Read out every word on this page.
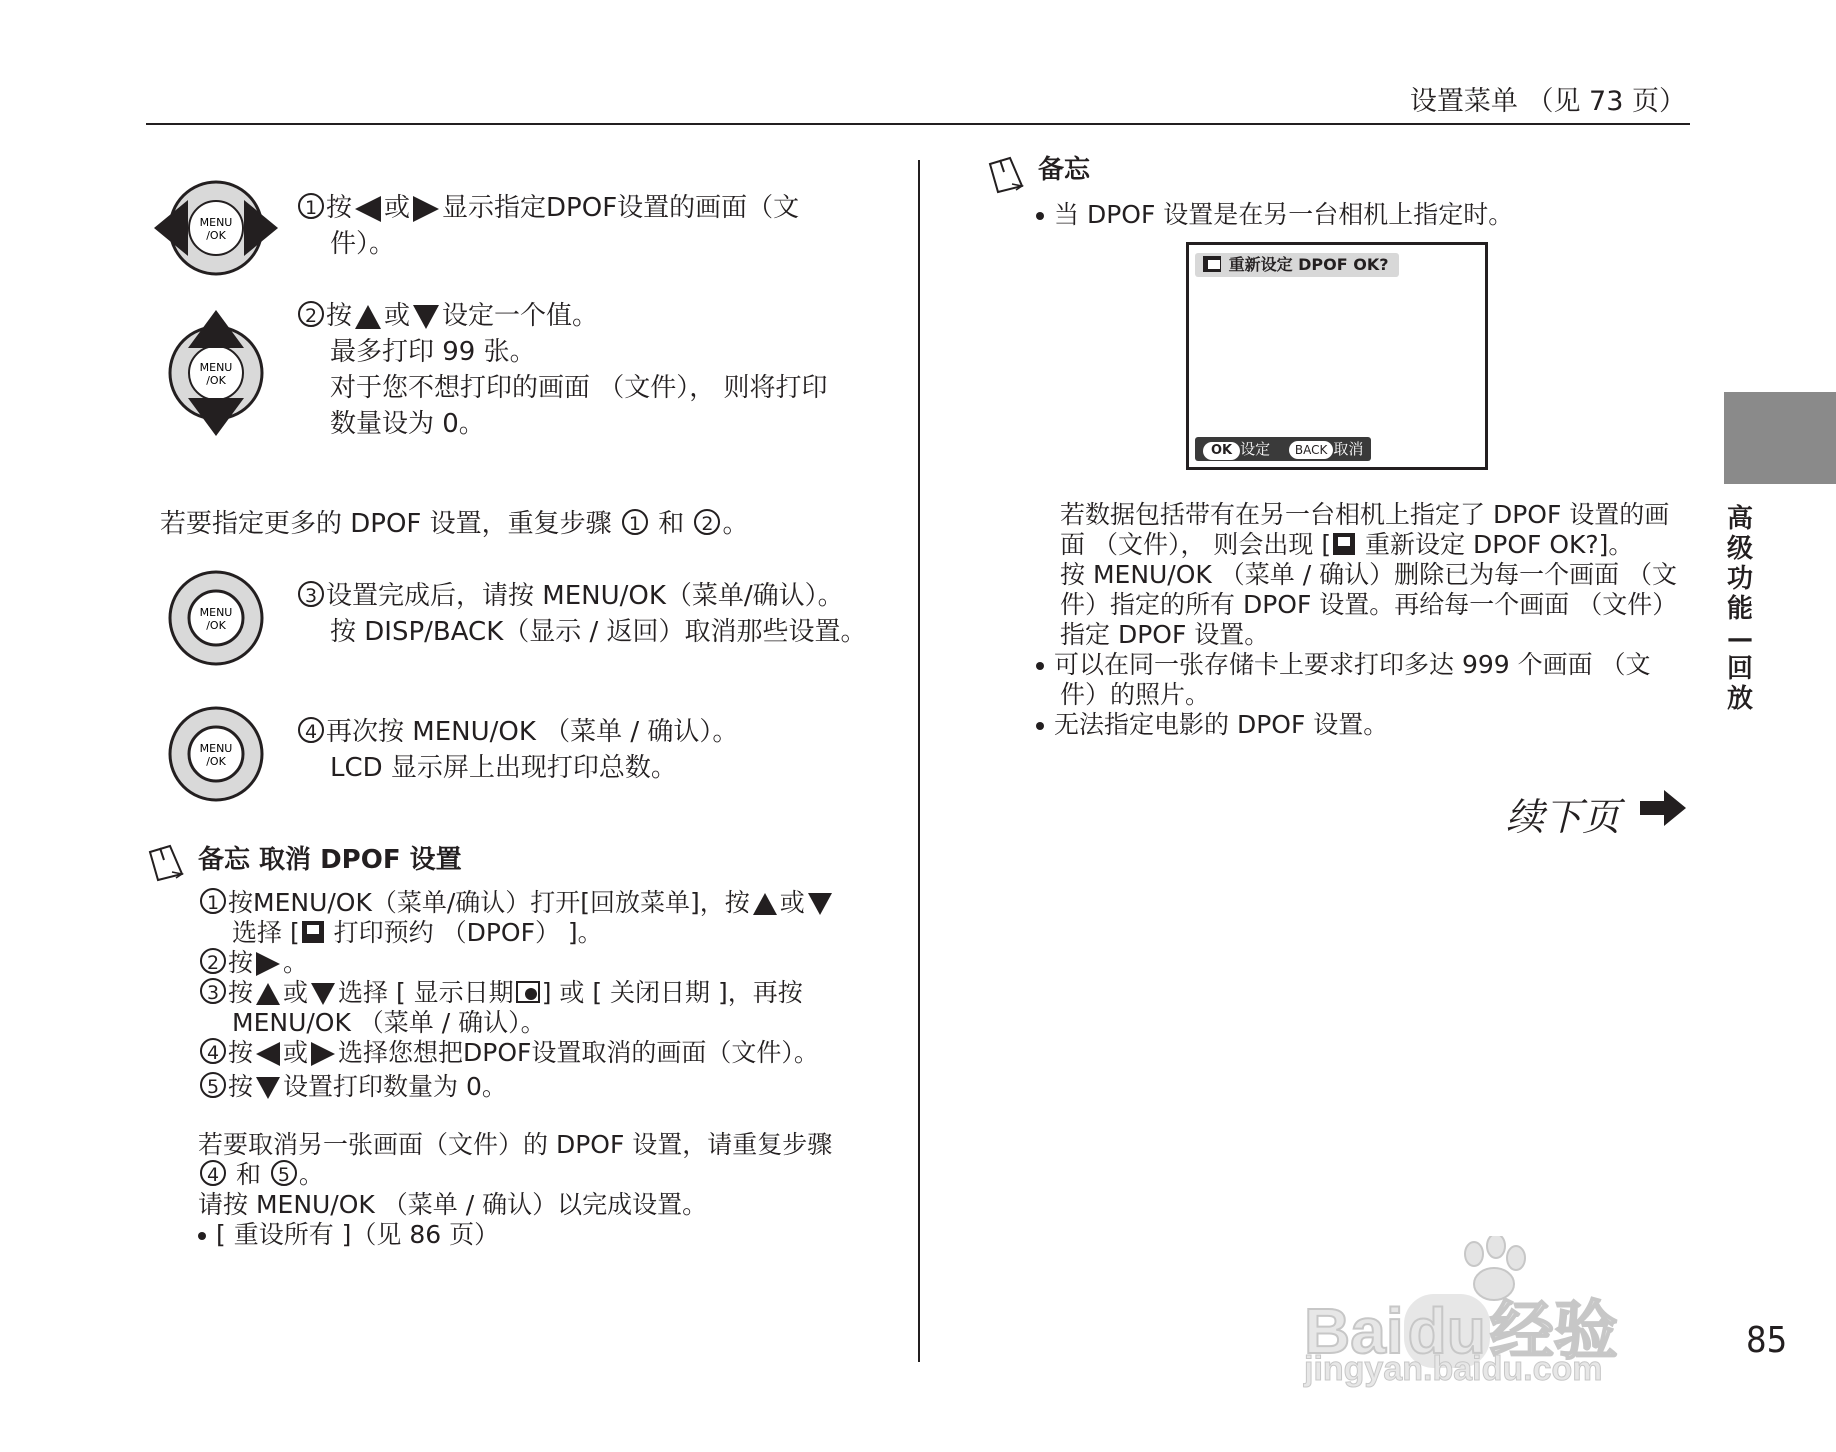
设置菜单 （见 73 页）
MENU
/OK
MENU
/OK
MENU
/OK
MENU
/OK
1 按 或 显示指定DPOF设置的画面（文
件）。
2 按 或 设定一个值。
最多打印 99 张。
对于您不想打印的画面 （文件）， 则将打印
数量设为 0。
若要指定更多的 DPOF 设置，重复步骤 1 和 2 。
3 设置完成后，请按 MENU/OK（菜单/确认）。
按 DISP/BACK（显示 / 返回）取消那些设置。
4 再次按 MENU/OK （菜单 / 确认）。
LCD 显示屏上出现打印总数。
备忘 取消 DPOF 设置
1 按MENU/OK（菜单/确认）打开[回放菜单]，按 或
选择 [ 打印预约 （DPOF） ]。
2 按 。
3 按 或 选择 [ 显示日期 ] 或 [ 关闭日期 ]，再按
MENU/OK （菜单 / 确认）。
4 按 或 选择您想把DPOF设置取消的画面（文件）。
5 按 设置打印数量为 0。
若要取消另一张画面（文件）的 DPOF 设置，请重复步骤
4 和 5 。
请按 MENU/OK （菜单 / 确认）以完成设置。
[ 重设所有 ]（见 86 页）
备忘
当 DPOF 设置是在另一台相机上指定时。
重新设定 DPOF OK?
OK 设定 BACK 取消
若数据包括带有在另一台相机上指定了 DPOF 设置的画
面 （文件）， 则会出现 [ 重新设定 DPOF OK?]。
按 MENU/OK （菜单 / 确认）删除已为每一个画面 （文
件）指定的所有 DPOF 设置。再给每一个画面 （文件）
指定 DPOF 设置。
可以在同一张存储卡上要求打印多达 999 个画面 （文
件）的照片。
无法指定电影的 DPOF 设置。
续下页
高
级
功
能
—
回
放
85
Baidu经验
jingyan.baidu.com
